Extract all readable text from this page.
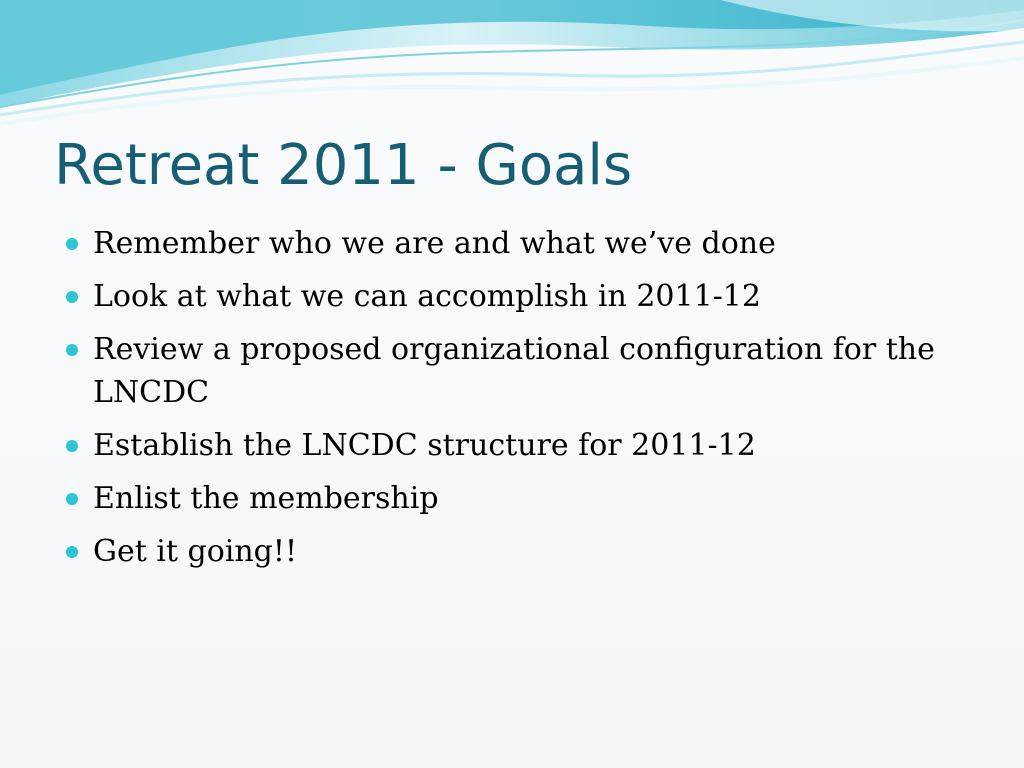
Retreat 2011 - Goals
Remember who we are and what we’ve done
Look at what we can accomplish in 2011-12
Review a proposed organizational configuration for the LNCDC
Establish the LNCDC structure for 2011-12
Enlist the membership
Get it going!!
